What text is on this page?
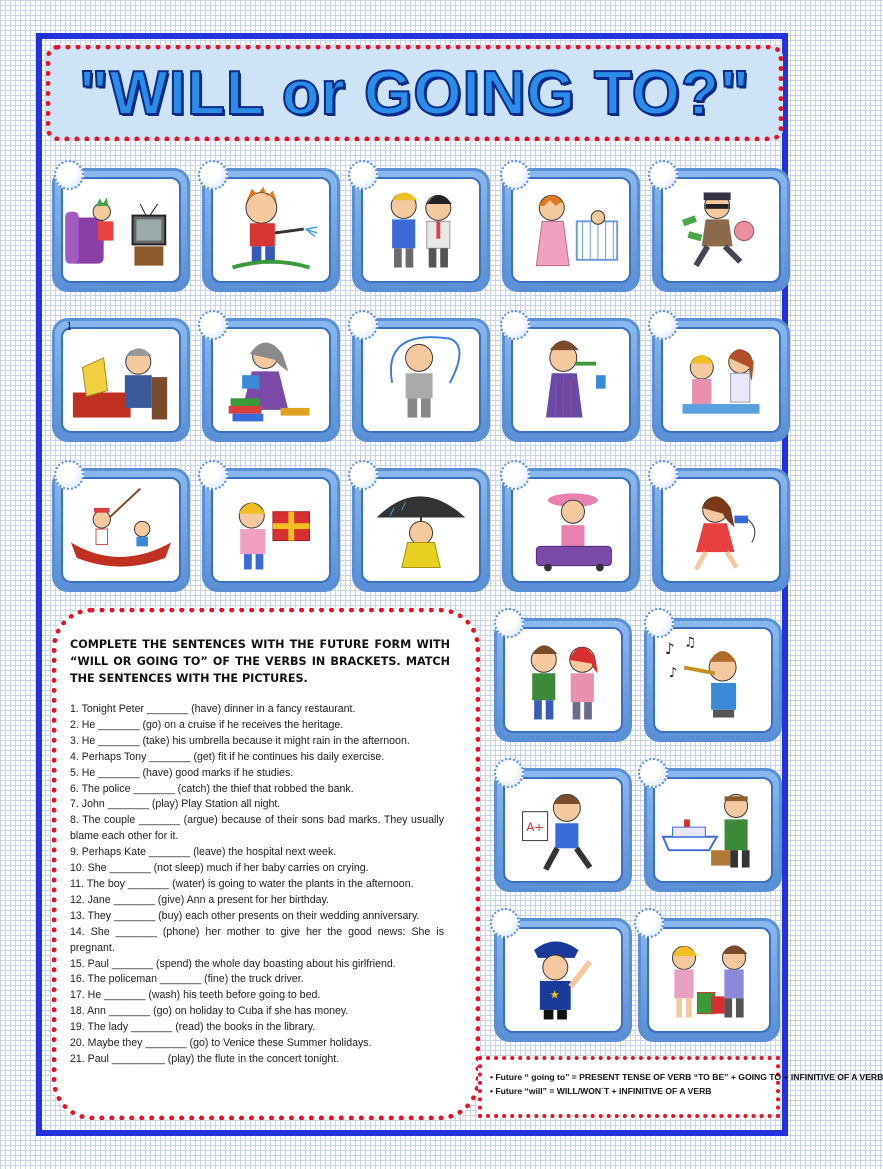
"WILL or GOING TO?"
♪ ♫
♪
A+
★
1
COMPLETE THE SENTENCES WITH THE FUTURE FORM WITH “WILL OR GOING TO” OF THE VERBS IN BRACKETS. MATCH THE SENTENCES WITH THE PICTURES.
1. Tonight Peter _______ (have) dinner in a fancy restaurant.
2. He _______ (go) on a cruise if he receives the heritage.
3. He _______ (take) his umbrella because it might rain in the afternoon.
4. Perhaps Tony _______ (get) fit if he continues his daily exercise.
5. He _______ (have) good marks if he studies.
6. The police _______ (catch) the thief that robbed the bank.
7. John _______ (play) Play Station all night.
8. The couple _______ (argue) because of their sons bad marks. They usually blame each other for it.
9. Perhaps Kate _______ (leave) the hospital next week.
10. She _______ (not sleep) much if her baby carries on crying.
11. The boy _______ (water) is going to water the plants in the afternoon.
12. Jane _______ (give) Ann a present for her birthday.
13. They _______ (buy) each other presents on their wedding anniversary.
14. She _______ (phone) her mother to give her the good news: She is pregnant.
15. Paul _______ (spend) the whole day boasting about his girlfriend.
16. The policeman _______ (fine) the truck driver.
17. He _______ (wash) his teeth before going to bed.
18. Ann _______ (go) on holiday to Cuba if she has money.
19. The lady _______ (read) the books in the library.
20. Maybe they _______ (go) to Venice these Summer holidays.
21. Paul _________ (play) the flute in the concert tonight.
• Future “ going to” = PRESENT TENSE OF VERB “TO BE” + GOING TO + INFINITIVE OF A VERB
• Future “will” = WILL/WON´T + INFINITIVE OF A VERB
